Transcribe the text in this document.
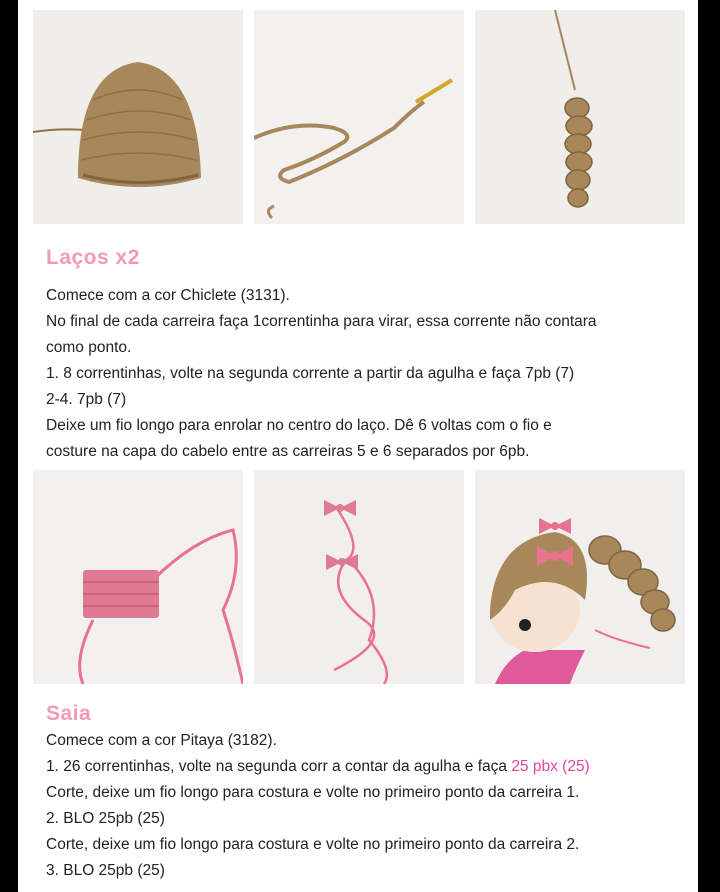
Laços x2
Comece com a cor Chiclete (3131).
No final de cada carreira faça 1correntinha para virar, essa corrente não contara
como ponto.
1. 8 correntinhas, volte na segunda corrente a partir da agulha e faça 7pb (7)
2-4. 7pb (7)
Deixe um fio longo para enrolar no centro do laço. Dê 6 voltas com o fio e
costure na capa do cabelo entre as carreiras 5 e 6 separados por 6pb.
Saia
Comece com a cor Pitaya (3182).
1. 26 correntinhas, volte na segunda corr a contar da agulha e faça 25 pbx (25)
Corte, deixe um fio longo para costura e volte no primeiro ponto da carreira 1.
2. BLO 25pb (25)
Corte, deixe um fio longo para costura e volte no primeiro ponto da carreira 2.
3. BLO 25pb (25)
